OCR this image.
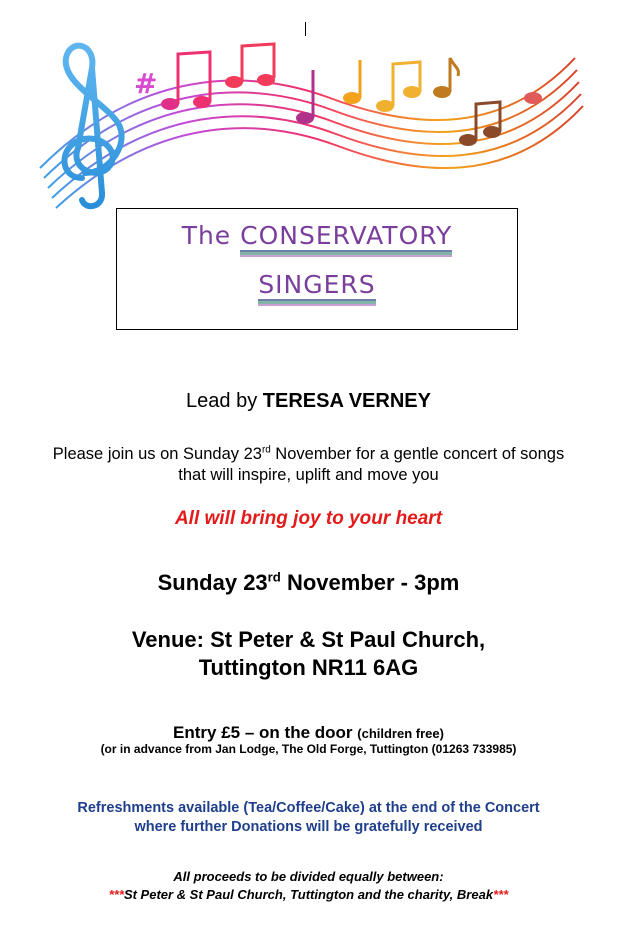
#
The CONSERVATORY
SINGERS
Lead by TERESA VERNEY
Please join us on Sunday 23rd November for a gentle concert of songs
that will inspire, uplift and move you
All will bring joy to your heart
Sunday 23rd November - 3pm
Venue: St Peter & St Paul Church,
Tuttington NR11 6AG
Entry £5 – on the door (children free)
(or in advance from Jan Lodge, The Old Forge, Tuttington (01263 733985)
Refreshments available (Tea/Coffee/Cake) at the end of the Concert
where further Donations will be gratefully received
All proceeds to be divided equally between:
***St Peter & St Paul Church, Tuttington and the charity, Break***
